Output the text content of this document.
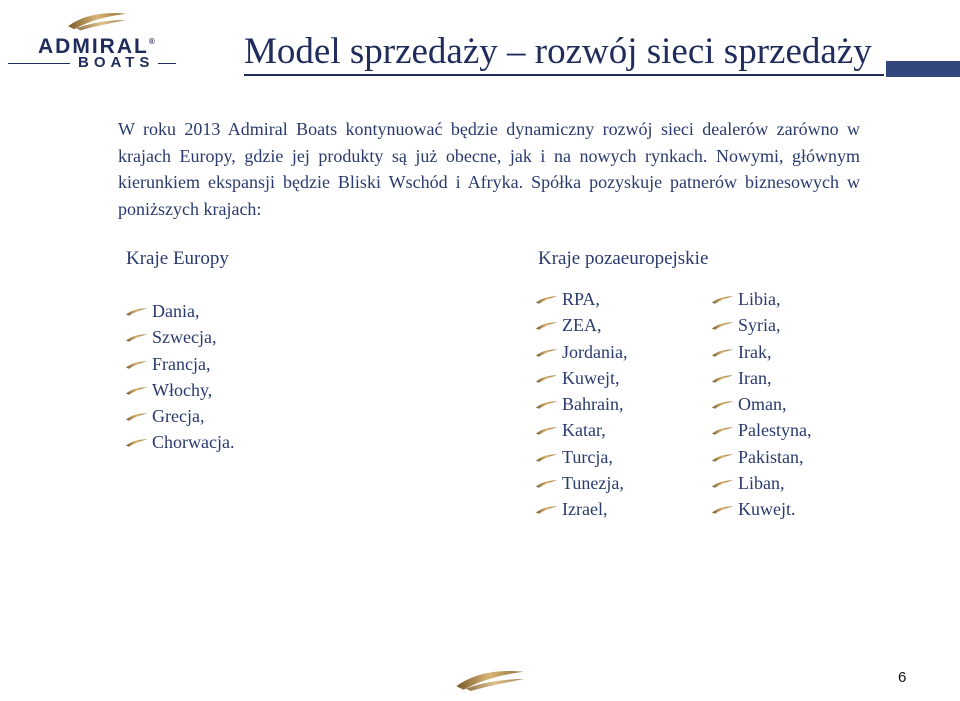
ADMIRAL®
BOATS Model sprzedaży – rozwój sieci sprzedaży

W roku 2013 Admiral Boats kontynuować będzie dynamiczny rozwój sieci dealerów zarówno w krajach Europy, gdzie jej produkty są już obecne, jak i na nowych rynkach. Nowymi, głównym kierunkiem ekspansji będzie Bliski Wschód i Afryka. Spółka pozyskuje patnerów biznesowych w poniższych krajach:

Kraje Europy
Dania,
Szwecja,
Francja,
Włochy,
Grecja,
Chorwacja.
Kraje pozaeuropejskie
RPA,
ZEA,
Jordania,
Kuwejt,
Bahrain,
Katar,
Turcja,
Tunezja,
Izrael,
Libia,
Syria,
Irak,
Iran,
Oman,
Palestyna,
Pakistan,
Liban,
Kuwejt.
6
